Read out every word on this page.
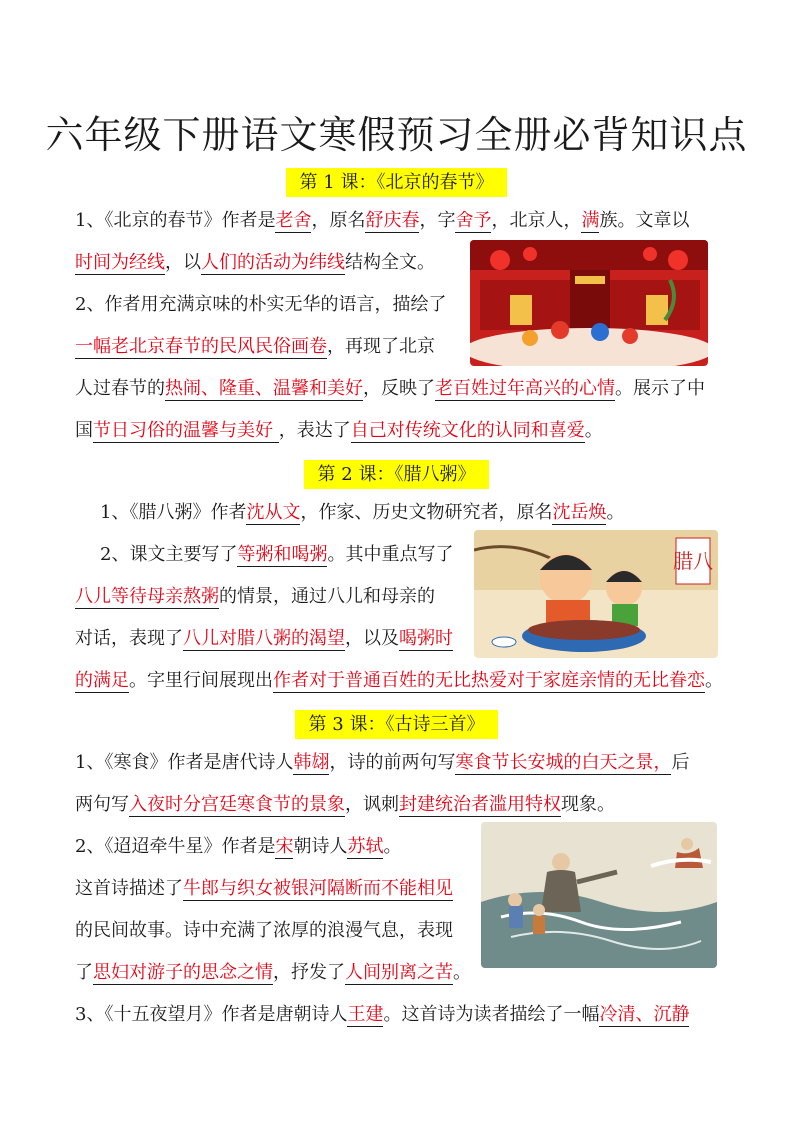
六年级下册语文寒假预习全册必背知识点
第 1 课：《北京的春节》
1、《北京的春节》作者是老舍，原名舒庆春，字舍予，北京人，满族。文章以
时间为经线，以人们的活动为纬线结构全文。
2、作者用充满京味的朴实无华的语言，描绘了
一幅老北京春节的民风民俗画卷，再现了北京
人过春节的热闹、隆重、温馨和美好，反映了老百姓过年高兴的心情。展示了中
国节日习俗的温馨与美好 ，表达了自己对传统文化的认同和喜爱。
第 2 课：《腊八粥》
1、《腊八粥》作者沈从文，作家、历史文物研究者，原名沈岳焕。
2、课文主要写了等粥和喝粥。其中重点写了
八儿等待母亲熬粥的情景，通过八儿和母亲的
对话，表现了八儿对腊八粥的渴望，以及喝粥时
的满足。字里行间展现出作者对于普通百姓的无比热爱对于家庭亲情的无比眷恋。
腊八
第 3 课：《古诗三首》
1、《寒食》作者是唐代诗人韩翃，诗的前两句写寒食节长安城的白天之景，后
两句写入夜时分宫廷寒食节的景象，讽刺封建统治者滥用特权现象。
2、《迢迢牵牛星》作者是宋朝诗人苏轼。
这首诗描述了牛郎与织女被银河隔断而不能相见
的民间故事。诗中充满了浓厚的浪漫气息，表现
了思妇对游子的思念之情，抒发了人间别离之苦。
3、《十五夜望月》作者是唐朝诗人王建。这首诗为读者描绘了一幅冷清、沉静
